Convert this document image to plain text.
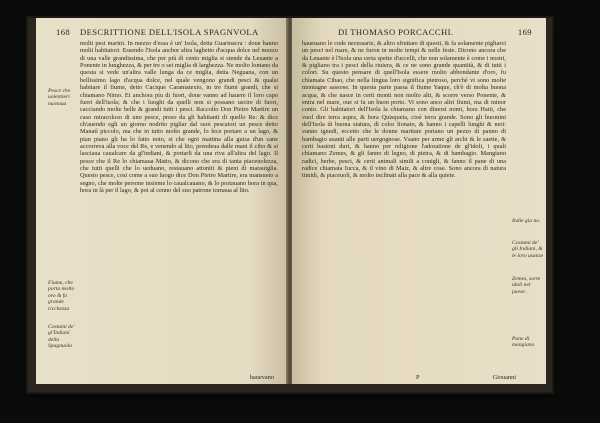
168 DESCRITTIONE DELL'ISOLA SPAGNVOLA
Pesce che uolentieri nuotaua
Fiume, che porta molto oro & fa grande ricchezza
Costumi de' gl'Indiani della Spagnuola

molti pesi marini. In mezzo d'essa è un' Isola, detta Guarinacra : doue hanno molti habitatori. Essendo l'Isola anchor altra laghetto d'acqua dolce nel mezzo di una valle grandissima, che per più di cento miglia si stende da Leuante a Ponente in lunghezza, & per tre o sei miglia di larghezza. Ne molto lontano da questa si vede un'altra valle lunga da ce miglia, detta Neguana, con un bellissimo lago d'acqua dolce, nel quale vengono grandi pesci & qualsi habitare il fiume, detto Cacique Caramatexio, in tre fiumi grandi, che si chiamano Nimo. Et anchora piu di fuori, doue vanno ad hauere il loro capo fuori dell'isola; & che i luoghi da quelli non si possano uscire di fuori, cacciando molte belle & grandi tutti i pesci. Raccolto Don Pietro Martire un caso miracoloso di uno pesce, preso da gli habitanti di quello Re: & dice ch'auendo egli un giorno nodrito pigliar dal suoi pescatori un pesce detto Manatì piccolo, ma che in tutto molto grande, lo fece portare a un lago, & pian piano gli ha lo fatto noto, si che ogni mattina alla guisa d'un cane accorreva alla voce del Re, e venendo al lito, prendeua dalle mani il cibo & si lasciaua caualcare da gl'indiani, & portarli da una riva all'altra del lago. Il pesce che il Re lo chiamaua Matto, & dicono che era di tanta piaceuolezza, che tutti quelli che lo ueduano, restauano attoniti & pieni di marauiglia. Questo pesce, cosi come a suo luogo dice Don Pietro Martire, era mansueto a segno, che molte persone insieme lo caualcauano, & lo portauano hora in qua, hora in là per il lago, & poi al cenno del suo patrone tornaua al lito.

hauevano
DI THOMASO PORCACCHI.	169
Indie gia no.
Costumi de' gli Indiani, & le loro usanze
Zemes, sorte idoli nel paese.
Pane di mangiano

haueuano le code necessarie, & altro sfruttare di questi, & fa solamente pigliarci un pesci nel mare, & ne furon in molte tempi & nelle feste. Dicono ancora che da Leuante è l'Isola una certa spetie d'uccelli, che non solamente è come i nostri, & pigliano tra i pesci della riuiera, & ce ne sono grande quantità, & di tutti i colori. Su questo pensare di quell'Isola essere molto abbondante d'oro, fu chiamata Cibao, che nella lingua loro significa pietroso, perché vi sono molte montagne sassose. In questa parte passa il fiume Yaque, ch'è di molta buona acqua, & che nasce in certi monti non molto alti, & scorre verso Ponente, & entra nel mare, oue si fa un buon porto. Vi sono anco altri fiumi, ma di minor conto. Gli habitatori dell'Isola la chiamano con diuersi nomi, hora Haiti, che vuol dire terra aspra, & hora Quisqueia, cioè terra grande. Sono gli huomini dell'Isola di buona statura, di color lionato, & hanno i capelli lunghi & neri: vanno ignudi, eccetto che le donne maritate portano un pezzo di panno di bambagio auanti alle parti uergognose. Vsano per arme gli archi & le saette, & certi bastoni duri, & hanno per religione l'adoratione de gl'idoli, i quali chiamano Zemes, & gli fanno di legno, di pietra, & di bambagio. Mangiano radici, herbe, pesci, & certi animali simili a conigli, & fanno il pane di una radice chiamata Iucca, & il vino di Maiz, & altre cose. Sono ancora di natura timidi, & piaceuoli, & molto inclinati alla pace & alla quiete.

P	Giouanni
